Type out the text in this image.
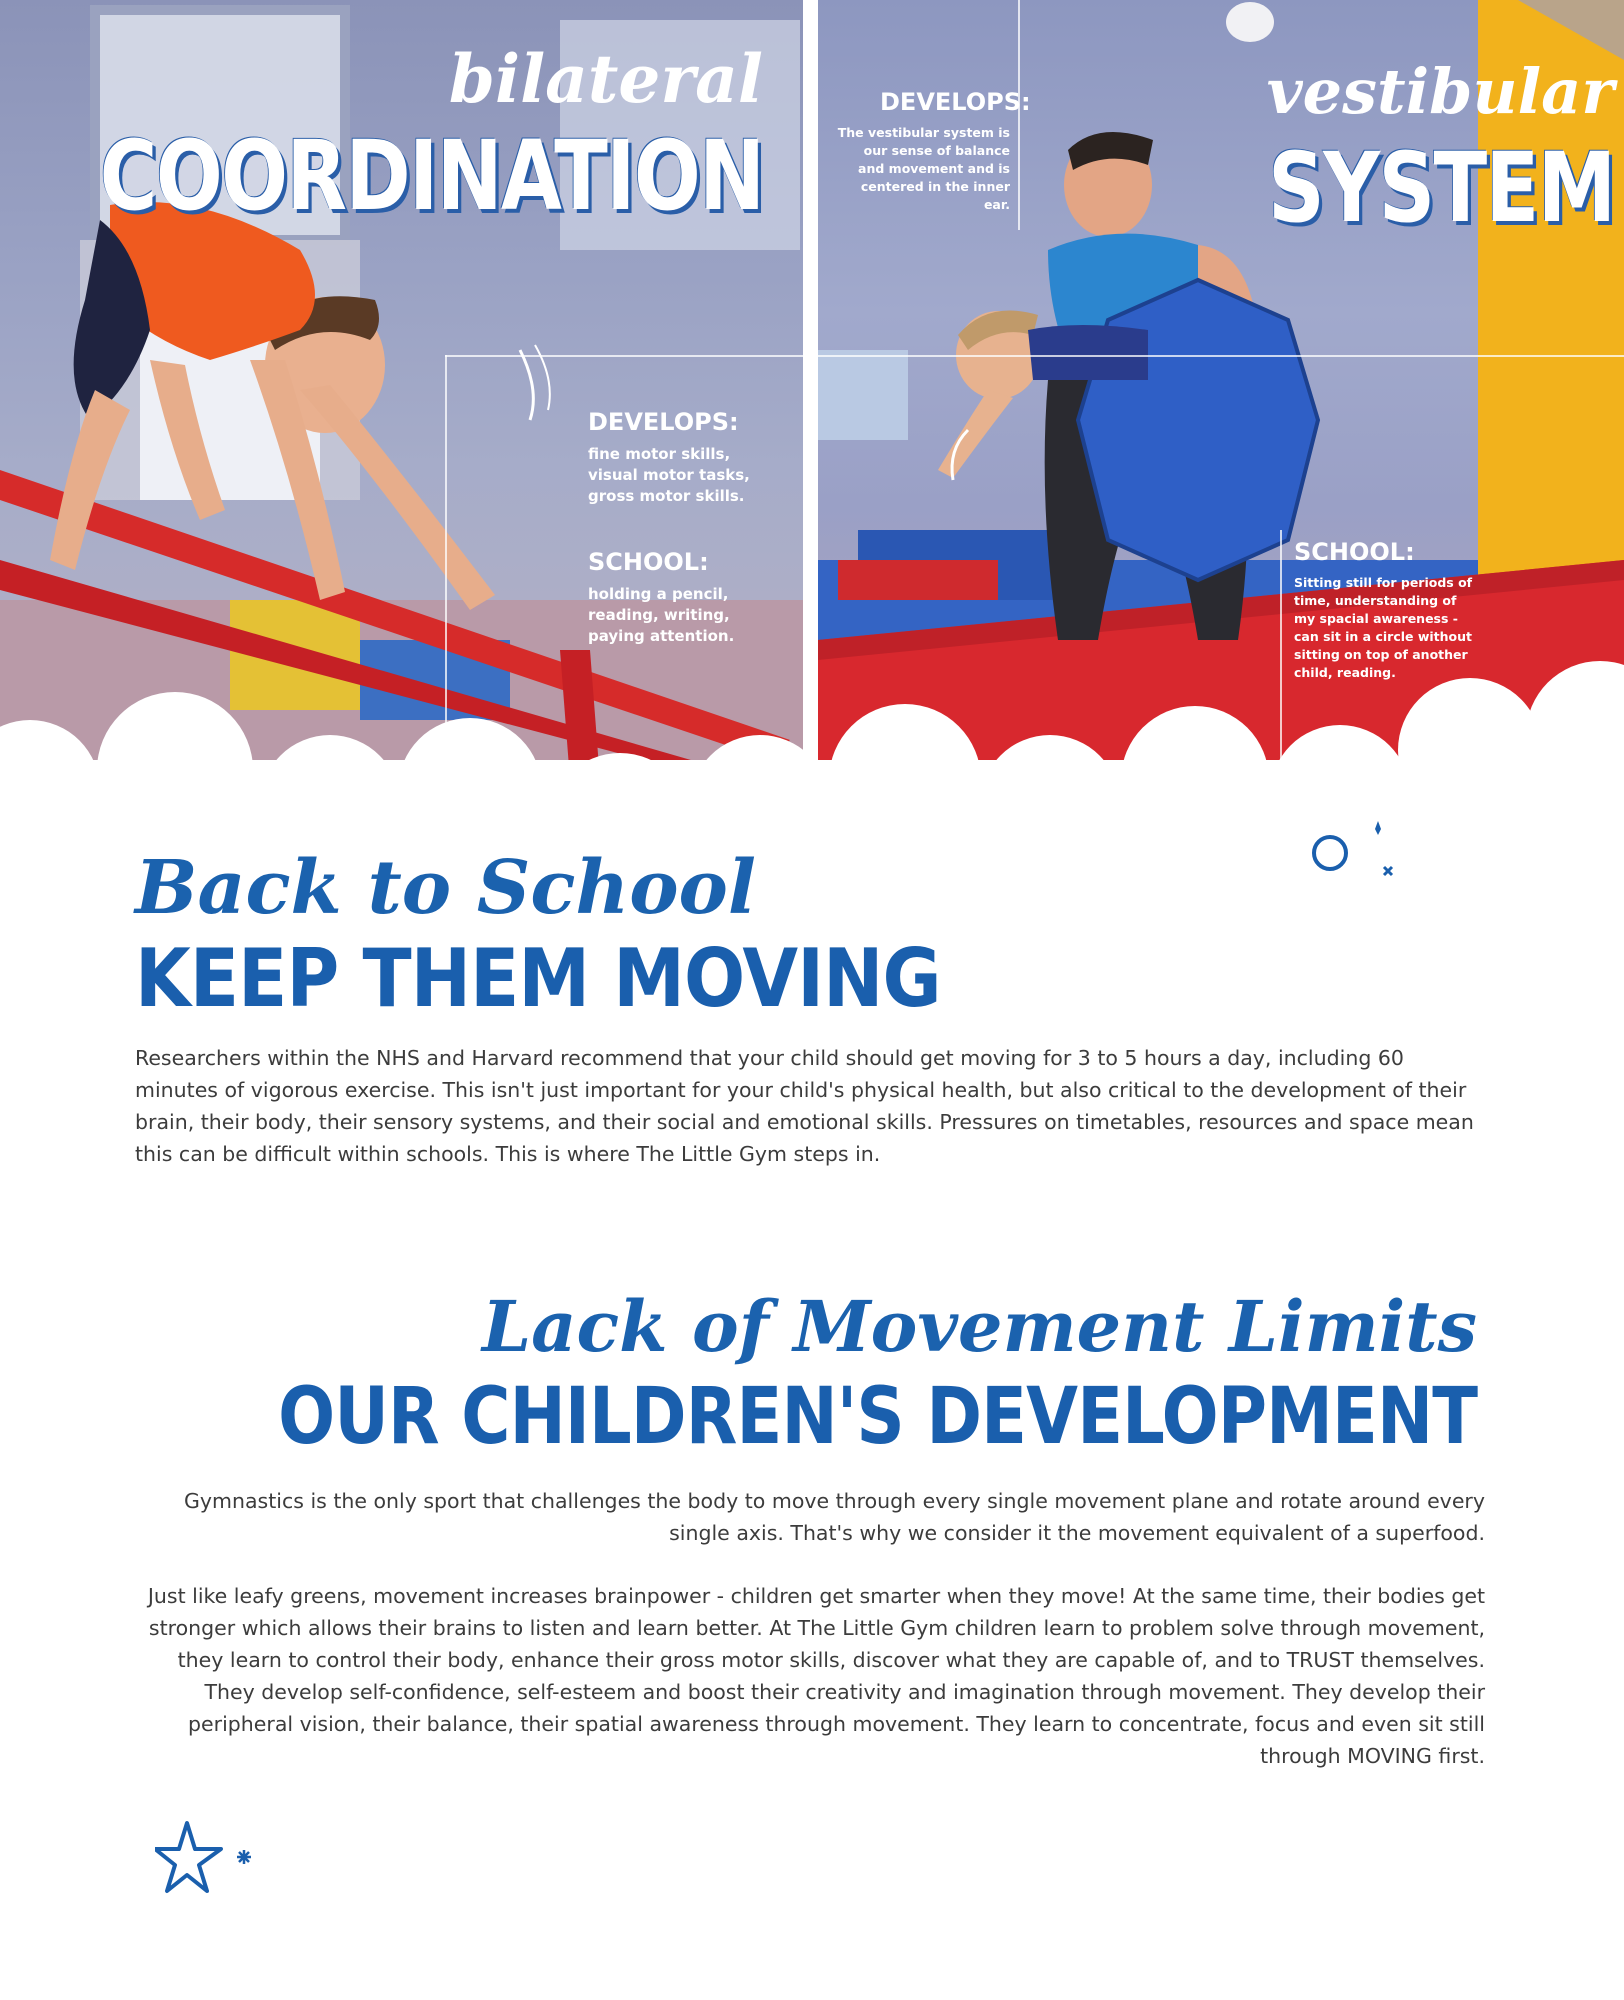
bilateral
COORDINATION
DEVELOPS:

fine motor skills,
visual motor tasks,
gross motor skills.

SCHOOL:

holding a pencil,
reading, writing,
paying attention.

DEVELOPS:

The vestibular system is
our sense of balance
and movement and is
centered in the inner
ear.

vestibular
SYSTEM
SCHOOL:

Sitting still for periods of
time, understanding of
my spacial awareness -
can sit in a circle without
sitting on top of another
child, reading.

Back to School
KEEP THEM MOVING

Researchers within the NHS and Harvard recommend that your child should get moving for 3 to 5 hours a day, including 60 minutes of vigorous exercise. This isn't just important for your child's physical health, but also critical to the development of their brain, their body, their sensory systems, and their social and emotional skills. Pressures on timetables, resources and space mean this can be difficult within schools. This is where The Little Gym steps in.

Lack of Movement Limits
OUR CHILDREN'S DEVELOPMENT

Gymnastics is the only sport that challenges the body to move through every single movement plane and rotate around every single axis. That's why we consider it the movement equivalent of a superfood.

Just like leafy greens, movement increases brainpower - children get smarter when they move! At the same time, their bodies get stronger which allows their brains to listen and learn better. At The Little Gym children learn to problem solve through movement, they learn to control their body, enhance their gross motor skills, discover what they are capable of, and to TRUST themselves. They develop self-confidence, self-esteem and boost their creativity and imagination through movement. They develop their peripheral vision, their balance, their spatial awareness through movement. They learn to concentrate, focus and even sit still through MOVING first.
